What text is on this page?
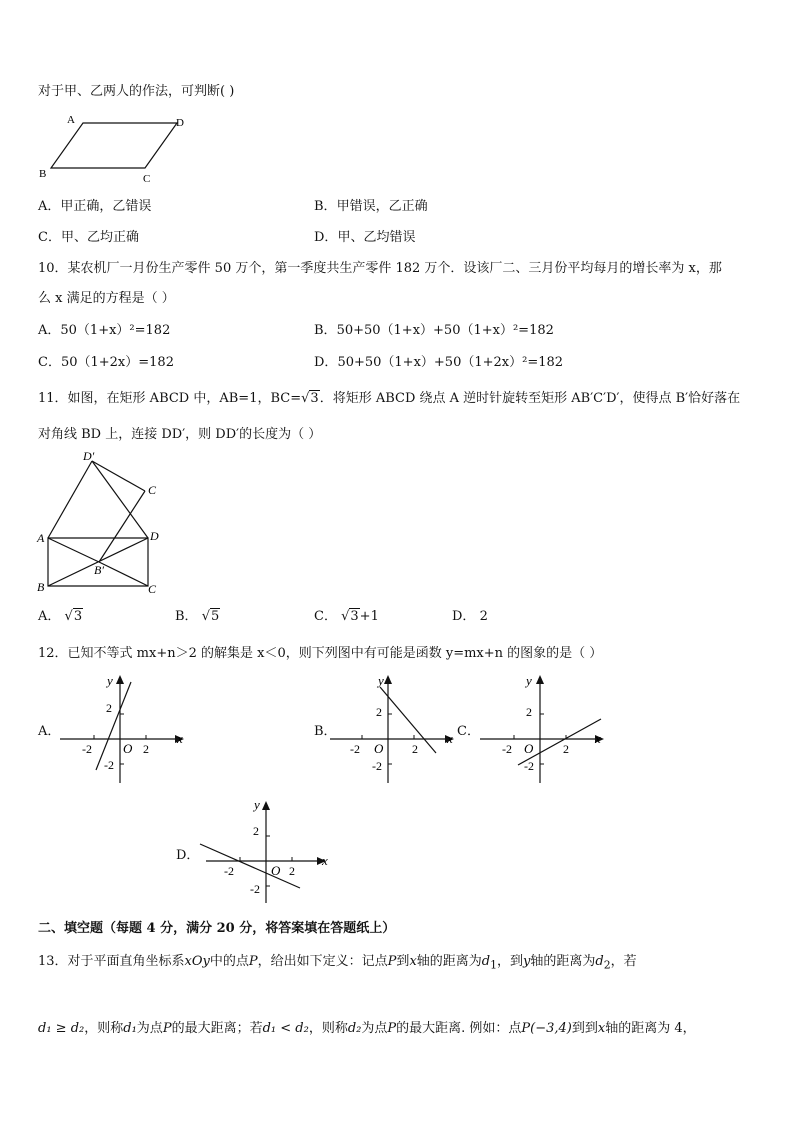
对于甲、乙两人的作法，可判断( )
A	D
B	C
A．甲正确，乙错误	B．甲错误，乙正确
C．甲、乙均正确	D．甲、乙均错误
10．某农机厂一月份生产零件 50 万个，第一季度共生产零件 182 万个．设该厂二、三月份平均每月的增长率为 x，那
么 x 满足的方程是（ ）
A．50（1+x）²=182	B．50+50（1+x）+50（1+x）²=182
C．50（1+2x）=182	D．50+50（1+x）+50（1+2x）²=182
11．如图，在矩形 ABCD 中，AB=1，BC=√3．将矩形 ABCD 绕点 A 逆时针旋转至矩形 AB′C′D′，使得点 B′恰好落在
对角线 BD 上，连接 DD′，则 DD′的长度为（ ）
D′
C
A	D
B′
B	C
A． √3	B． √5	C． √3+1	D． 2
12．已知不等式 mx+n＞2 的解集是 x＜0，则下列图中有可能是函数 y=mx+n 的图象的是（ ）
A．	x
y
O
2
-2	2
-2
B．	x
y
O
2
-2	2
-2
C．	x
y
O
2
-2	2
-2
D．	x
y
O
2
-2	2
-2
二、填空题（每题 4 分，满分 20 分，将答案填在答题纸上）
13．对于平面直角坐标系xOy中的点P，给出如下定义：记点P到x轴的距离为$d_1$，到y轴的距离为$d_2$，若
d₁ ≥ d₂，则称d₁为点P的最大距离；若d₁ < d₂，则称d₂为点P的最大距离. 例如：点P(−3,4)到到x轴的距离为 4，
